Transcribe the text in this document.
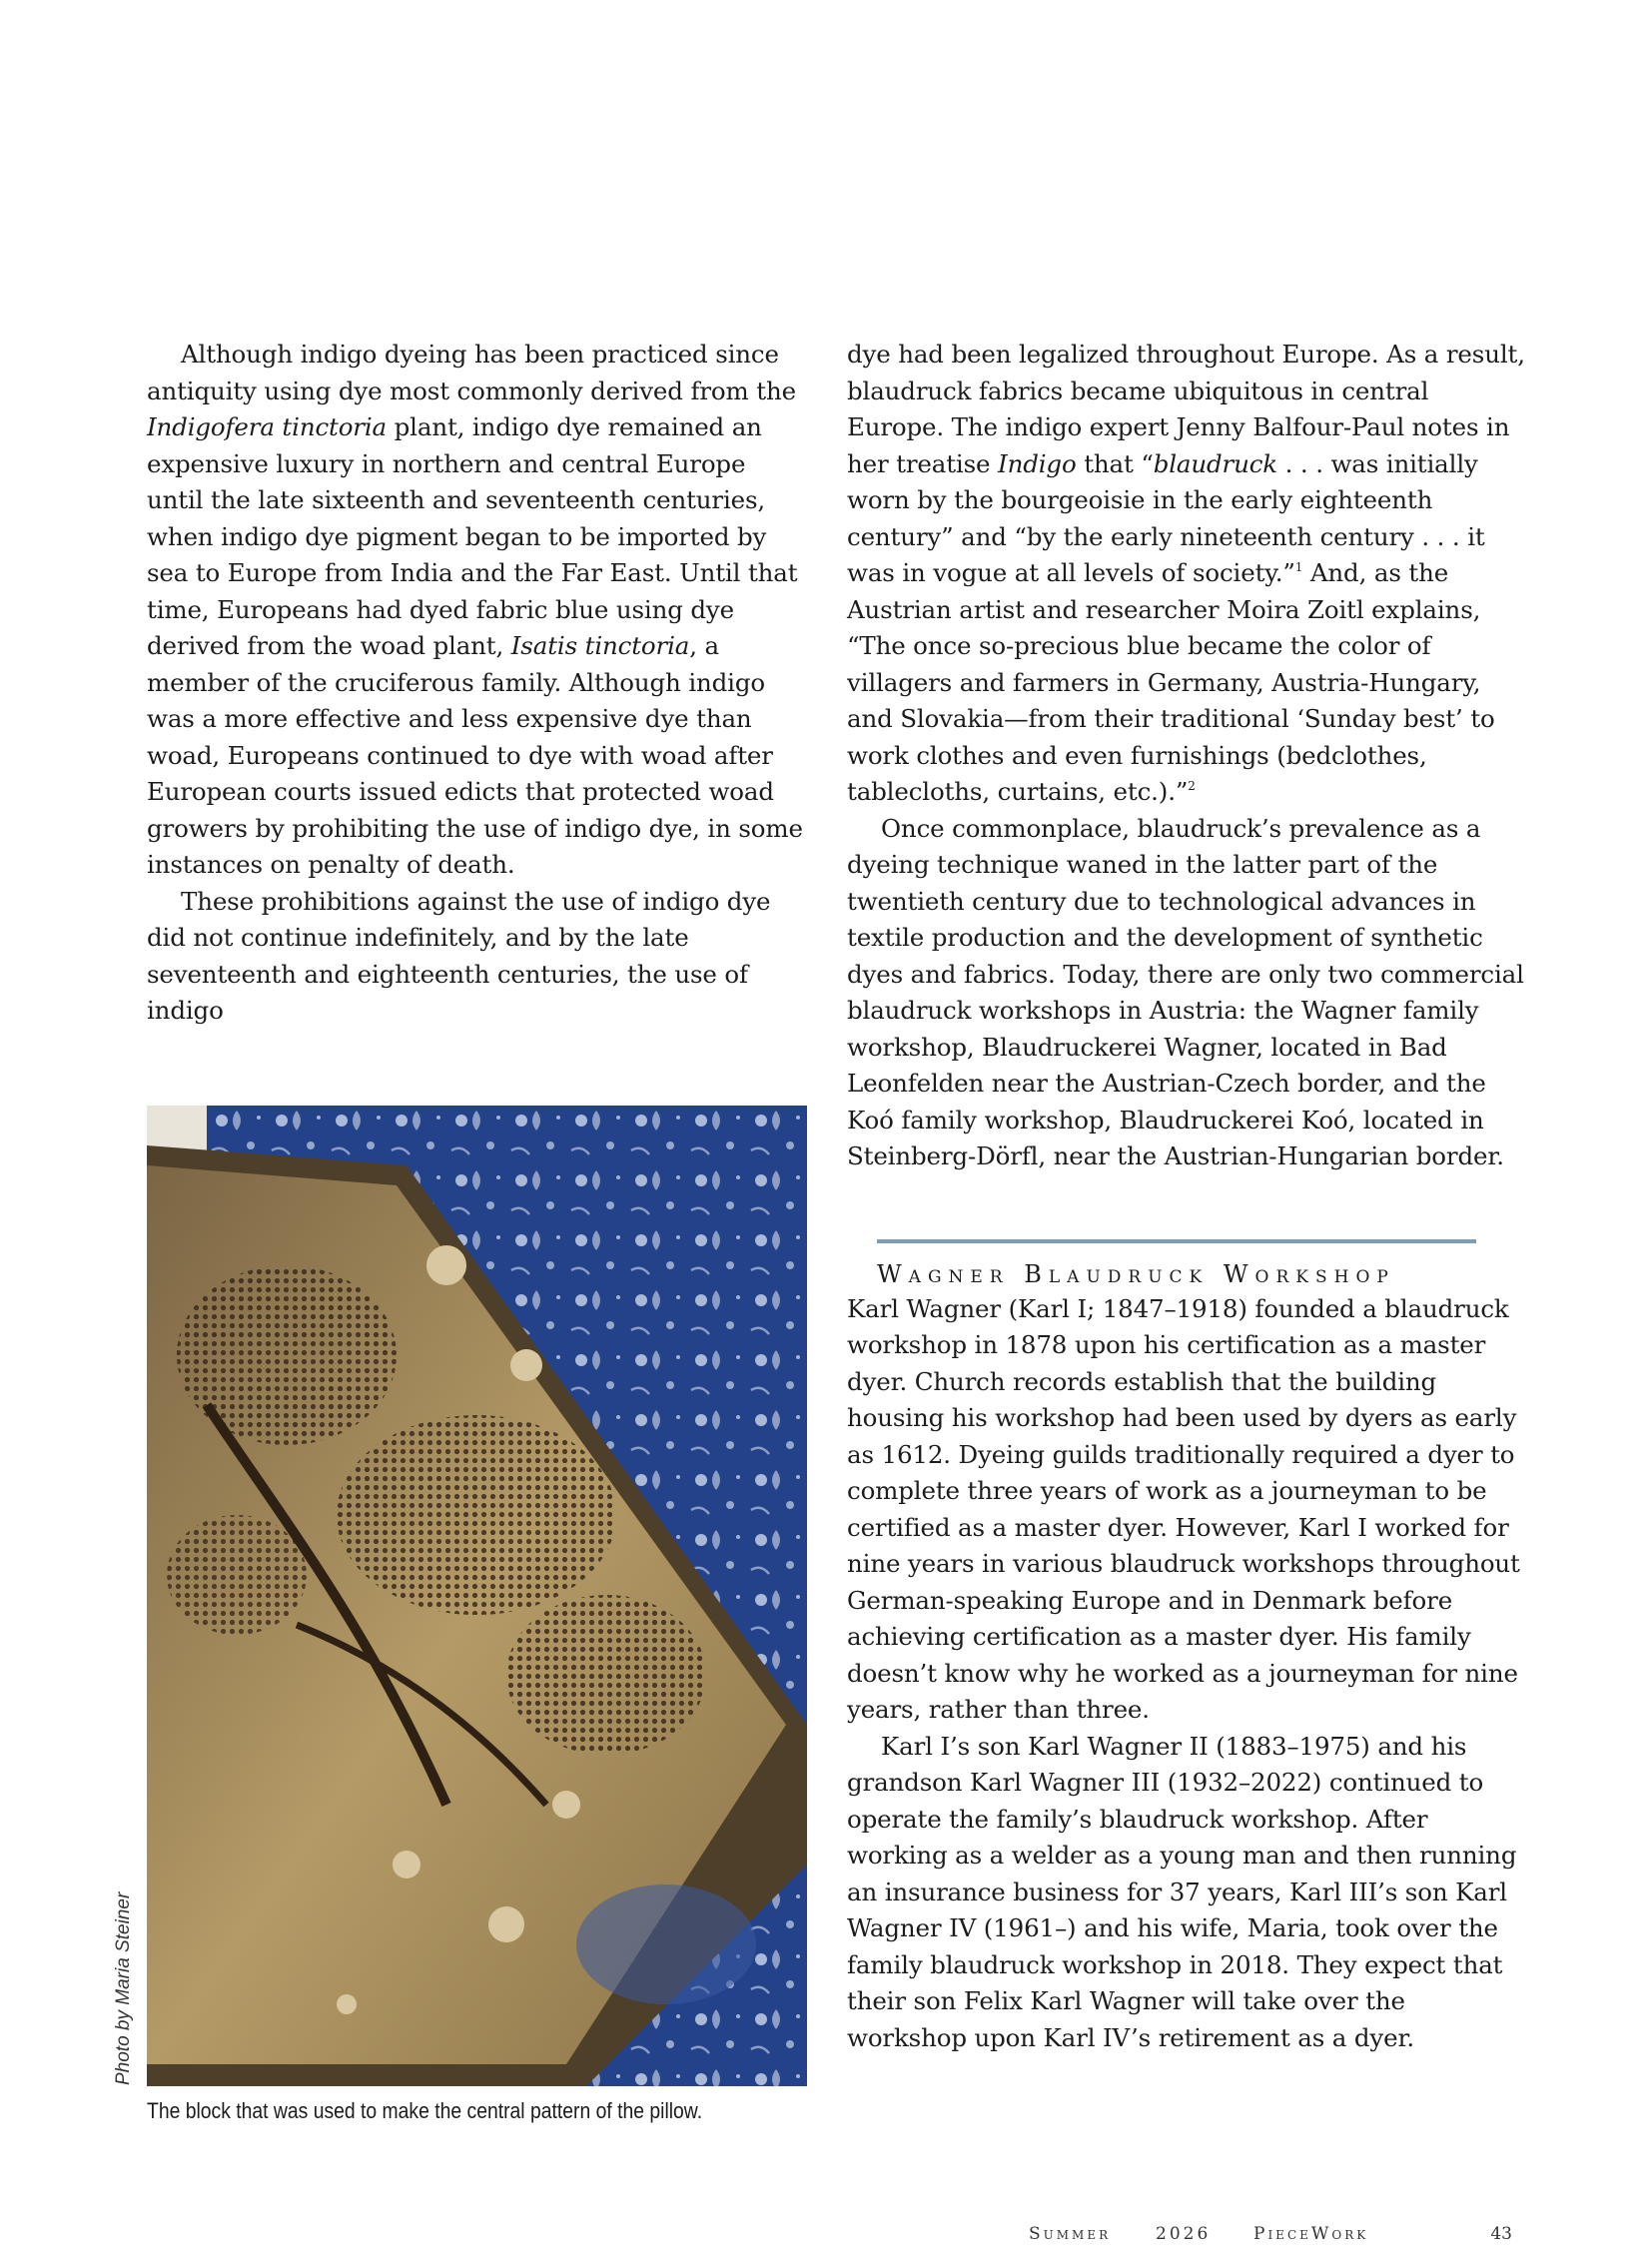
Although indigo dyeing has been practiced since antiquity using dye most commonly derived from the Indigofera tinctoria plant, indigo dye remained an expensive luxury in northern and central Europe until the late sixteenth and seventeenth centuries, when indigo dye pigment began to be imported by sea to Europe from India and the Far East. Until that time, Europeans had dyed fabric blue using dye derived from the woad plant, Isatis tinctoria, a member of the cruciferous family. Although indigo was a more effective and less expensive dye than woad, Europeans continued to dye with woad after European courts issued edicts that protected woad growers by prohibiting the use of indigo dye, in some instances on penalty of death.

These prohibitions against the use of indigo dye did not continue indefinitely, and by the late seventeenth and eighteenth centuries, the use of indigo

Photo by Maria Steiner
The block that was used to make the central pattern of the pillow.

dye had been legalized throughout Europe. As a result, blaudruck fabrics became ubiquitous in central Europe. The indigo expert Jenny Balfour-Paul notes in her treatise Indigo that “blaudruck . . . was initially worn by the bourgeoisie in the early eighteenth century” and “by the early nineteenth century . . . it was in vogue at all levels of society.”$^1$ And, as the Austrian artist and researcher Moira Zoitl explains, “The once so-precious blue became the color of villagers and farmers in Germany, Austria-Hungary, and Slovakia—from their traditional ‘Sunday best’ to work clothes and even furnishings (bedclothes, tablecloths, curtains, etc.).”$^2$

Once commonplace, blaudruck’s prevalence as a dyeing technique waned in the latter part of the twentieth century due to technological advances in textile production and the development of synthetic dyes and fabrics. Today, there are only two commercial blaudruck workshops in Austria: the Wagner family workshop, Blaudruckerei Wagner, located in Bad Leonfelden near the Austrian-Czech border, and the Koó family workshop, Blaudruckerei Koó, located in Steinberg-Dörfl, near the Austrian-Hungarian border.

Wagner Blaudruck Workshop

Karl Wagner (Karl I; 1847–1918) founded a blaudruck workshop in 1878 upon his certification as a master dyer. Church records establish that the building housing his workshop had been used by dyers as early as 1612. Dyeing guilds traditionally required a dyer to complete three years of work as a journeyman to be certified as a master dyer. However, Karl I worked for nine years in various blaudruck workshops throughout German-speaking Europe and in Denmark before achieving certification as a master dyer. His family doesn’t know why he worked as a journeyman for nine years, rather than three.

Karl I’s son Karl Wagner II (1883–1975) and his grandson Karl Wagner III (1932–2022) continued to operate the family’s blaudruck workshop. After working as a welder as a young man and then running an insurance business for 37 years, Karl III’s son Karl Wagner IV (1961–) and his wife, Maria, took over the family blaudruck workshop in 2018. They expect that their son Felix Karl Wagner will take over the workshop upon Karl IV’s retirement as a dyer.

Summer	2026	PieceWork	43
